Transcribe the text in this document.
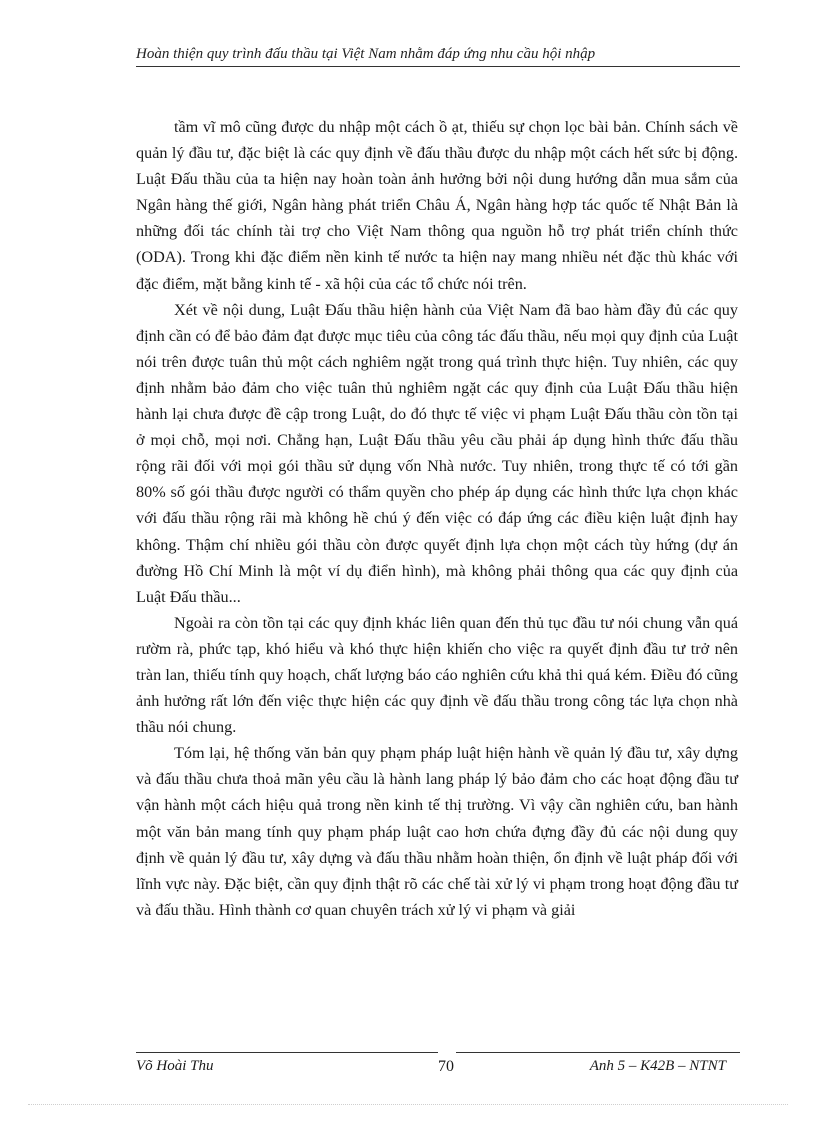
Hoàn thiện quy trình đấu thầu tại Việt Nam nhằm đáp ứng nhu cầu hội nhập

tầm vĩ mô cũng được du nhập một cách ồ ạt, thiếu sự chọn lọc bài bản. Chính sách về quản lý đầu tư, đặc biệt là các quy định về đấu thầu được du nhập một cách hết sức bị động. Luật Đấu thầu của ta hiện nay hoàn toàn ảnh hưởng bởi nội dung hướng dẫn mua sắm của Ngân hàng thế giới, Ngân hàng phát triển Châu Á, Ngân hàng hợp tác quốc tế Nhật Bản là những đối tác chính tài trợ cho Việt Nam thông qua nguồn hỗ trợ phát triển chính thức (ODA). Trong khi đặc điểm nền kinh tế nước ta hiện nay mang nhiều nét đặc thù khác với đặc điểm, mặt bằng kinh tế - xã hội của các tổ chức nói trên.

Xét về nội dung, Luật Đấu thầu hiện hành của Việt Nam đã bao hàm đầy đủ các quy định cần có để bảo đảm đạt được mục tiêu của công tác đấu thầu, nếu mọi quy định của Luật nói trên được tuân thủ một cách nghiêm ngặt trong quá trình thực hiện. Tuy nhiên, các quy định nhằm bảo đảm cho việc tuân thủ nghiêm ngặt các quy định của Luật Đấu thầu hiện hành lại chưa được đề cập trong Luật, do đó thực tế việc vi phạm Luật Đấu thầu còn tồn tại ở mọi chỗ, mọi nơi. Chẳng hạn, Luật Đấu thầu yêu cầu phải áp dụng hình thức đấu thầu rộng rãi đối với mọi gói thầu sử dụng vốn Nhà nước. Tuy nhiên, trong thực tế có tới gần 80% số gói thầu được người có thẩm quyền cho phép áp dụng các hình thức lựa chọn khác với đấu thầu rộng rãi mà không hề chú ý đến việc có đáp ứng các điều kiện luật định hay không. Thậm chí nhiều gói thầu còn được quyết định lựa chọn một cách tùy hứng (dự án đường Hồ Chí Minh là một ví dụ điển hình), mà không phải thông qua các quy định của Luật Đấu thầu...

Ngoài ra còn tồn tại các quy định khác liên quan đến thủ tục đầu tư nói chung vẫn quá rườm rà, phức tạp, khó hiểu và khó thực hiện khiến cho việc ra quyết định đầu tư trở nên tràn lan, thiếu tính quy hoạch, chất lượng báo cáo nghiên cứu khả thi quá kém. Điều đó cũng ảnh hưởng rất lớn đến việc thực hiện các quy định về đấu thầu trong công tác lựa chọn nhà thầu nói chung.

Tóm lại, hệ thống văn bản quy phạm pháp luật hiện hành về quản lý đầu tư, xây dựng và đấu thầu chưa thoả mãn yêu cầu là hành lang pháp lý bảo đảm cho các hoạt động đầu tư vận hành một cách hiệu quả trong nền kinh tế thị trường. Vì vậy cần nghiên cứu, ban hành một văn bản mang tính quy phạm pháp luật cao hơn chứa đựng đầy đủ các nội dung quy định về quản lý đầu tư, xây dựng và đấu thầu nhằm hoàn thiện, ổn định về luật pháp đối với lĩnh vực này. Đặc biệt, cần quy định thật rõ các chế tài xử lý vi phạm trong hoạt động đầu tư và đấu thầu. Hình thành cơ quan chuyên trách xử lý vi phạm và giải

Võ Hoài Thu	70	Anh 5 – K42B – NTNT
